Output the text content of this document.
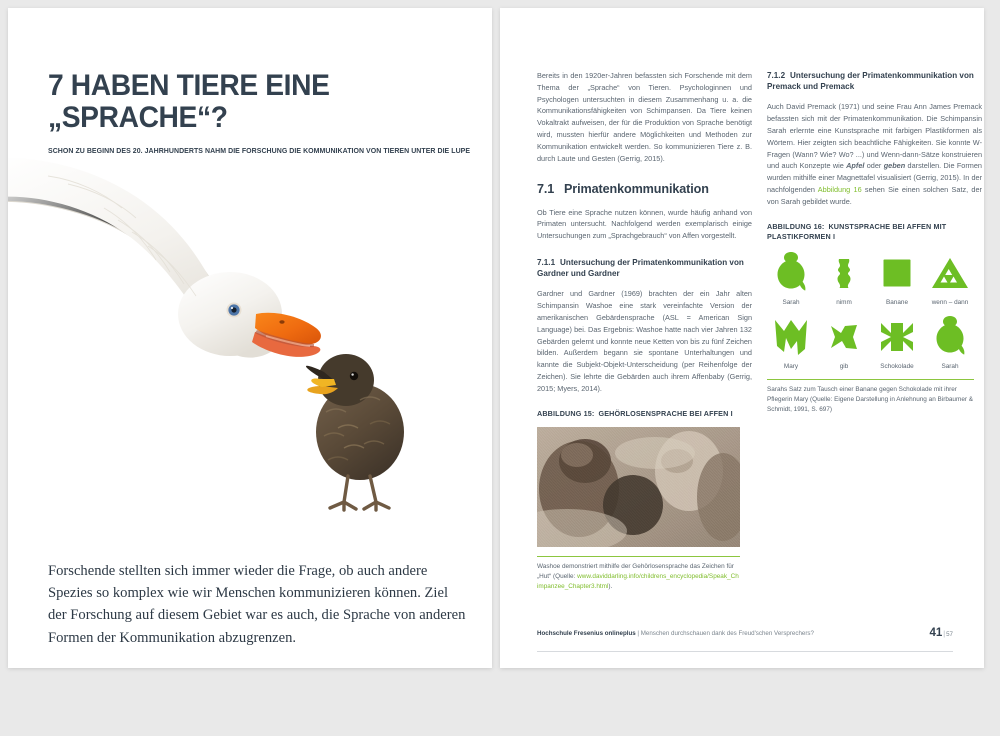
7 HABEN TIERE EINE „SPRACHE“?
SCHON ZU BEGINN DES 20. JAHRHUNDERTS NAHM DIE FORSCHUNG DIE KOMMUNIKATION VON TIEREN UNTER DIE LUPE

Forschende stellten sich immer wieder die Frage, ob auch andere Spezies so komplex wie wir Menschen kommunizieren können. Ziel der Forschung auf diesem Gebiet war es auch, die Sprache von anderen Formen der Kommunikation abzugrenzen.

Bereits in den 1920er-Jahren befassten sich Forschende mit dem Thema der „Sprache“ von Tieren. Psychologinnen und Psychologen untersuchten in diesem Zusammenhang u. a. die Kommunikationsfähigkeiten von Schimpansen. Da Tiere keinen Vokaltrakt aufweisen, der für die Produktion von Sprache benötigt wird, mussten hierfür andere Möglichkeiten und Methoden zur Kommunikation entwickelt werden. So kommunizieren Tiere z. B. durch Laute und Gesten (Gerrig, 2015).

7.1 Primatenkommunikation

Ob Tiere eine Sprache nutzen können, wurde häufig anhand von Primaten untersucht. Nachfolgend werden exemplarisch einige Untersuchungen zum „Sprachgebrauch“ von Affen vorgestellt.

7.1.1 Untersuchung der Primatenkommunikation von Gardner und Gardner

Gardner und Gardner (1969) brachten der ein Jahr alten Schimpansin Washoe eine stark vereinfachte Version der amerikanischen Gebärdensprache (ASL = American Sign Language) bei. Das Ergebnis: Washoe hatte nach vier Jahren 132 Gebärden gelernt und konnte neue Ketten von bis zu fünf Zeichen bilden. Außerdem begann sie spontane Unterhaltungen und kannte die Subjekt-Objekt-Unterscheidung (per Reihenfolge der Zeichen). Sie lehrte die Gebärden auch ihrem Affenbaby (Gerrig, 2015; Myers, 2014).

ABBILDUNG 15: GEHÖRLOSENSPRACHE BEI AFFEN I

Washoe demonstriert mithilfe der Gehörlosensprache das Zeichen für „Hut“ (Quelle: www.daviddarling.info/childrens_encyclopedia/Speak_Chimpanzee_Chapter3.html).

7.1.2 Untersuchung der Primatenkommunikation von Premack und Premack

Auch David Premack (1971) und seine Frau Ann James Premack befassten sich mit der Primatenkommunikation. Die Schimpansin Sarah erlernte eine Kunstsprache mit farbigen Plastikformen als Wörtern. Hier zeigten sich beachtliche Fähigkeiten. Sie konnte W-Fragen (Wann? Wie? Wo? ...) und Wenn-dann-Sätze konstruieren und auch Konzepte wie Apfel oder geben darstellen. Die Formen wurden mithilfe einer Magnettafel visualisiert (Gerrig, 2015). In der nachfolgenden Abbildung 16 sehen Sie einen solchen Satz, der von Sarah gebildet wurde.

ABBILDUNG 16: KUNSTSPRACHE BEI AFFEN MIT PLASTIKFORMEN I
Sarah	nimm	Banane	wenn – dann
Mary	gib	Schokolade	Sarah

Sarahs Satz zum Tausch einer Banane gegen Schokolade mit ihrer Pflegerin Mary (Quelle: Eigene Darstellung in Anlehnung an Birbaumer & Schmidt, 1991, S. 697)

Hochschule Fresenius onlineplus | Menschen durchschauen dank des Freud'schen Versprechers?	41|57
